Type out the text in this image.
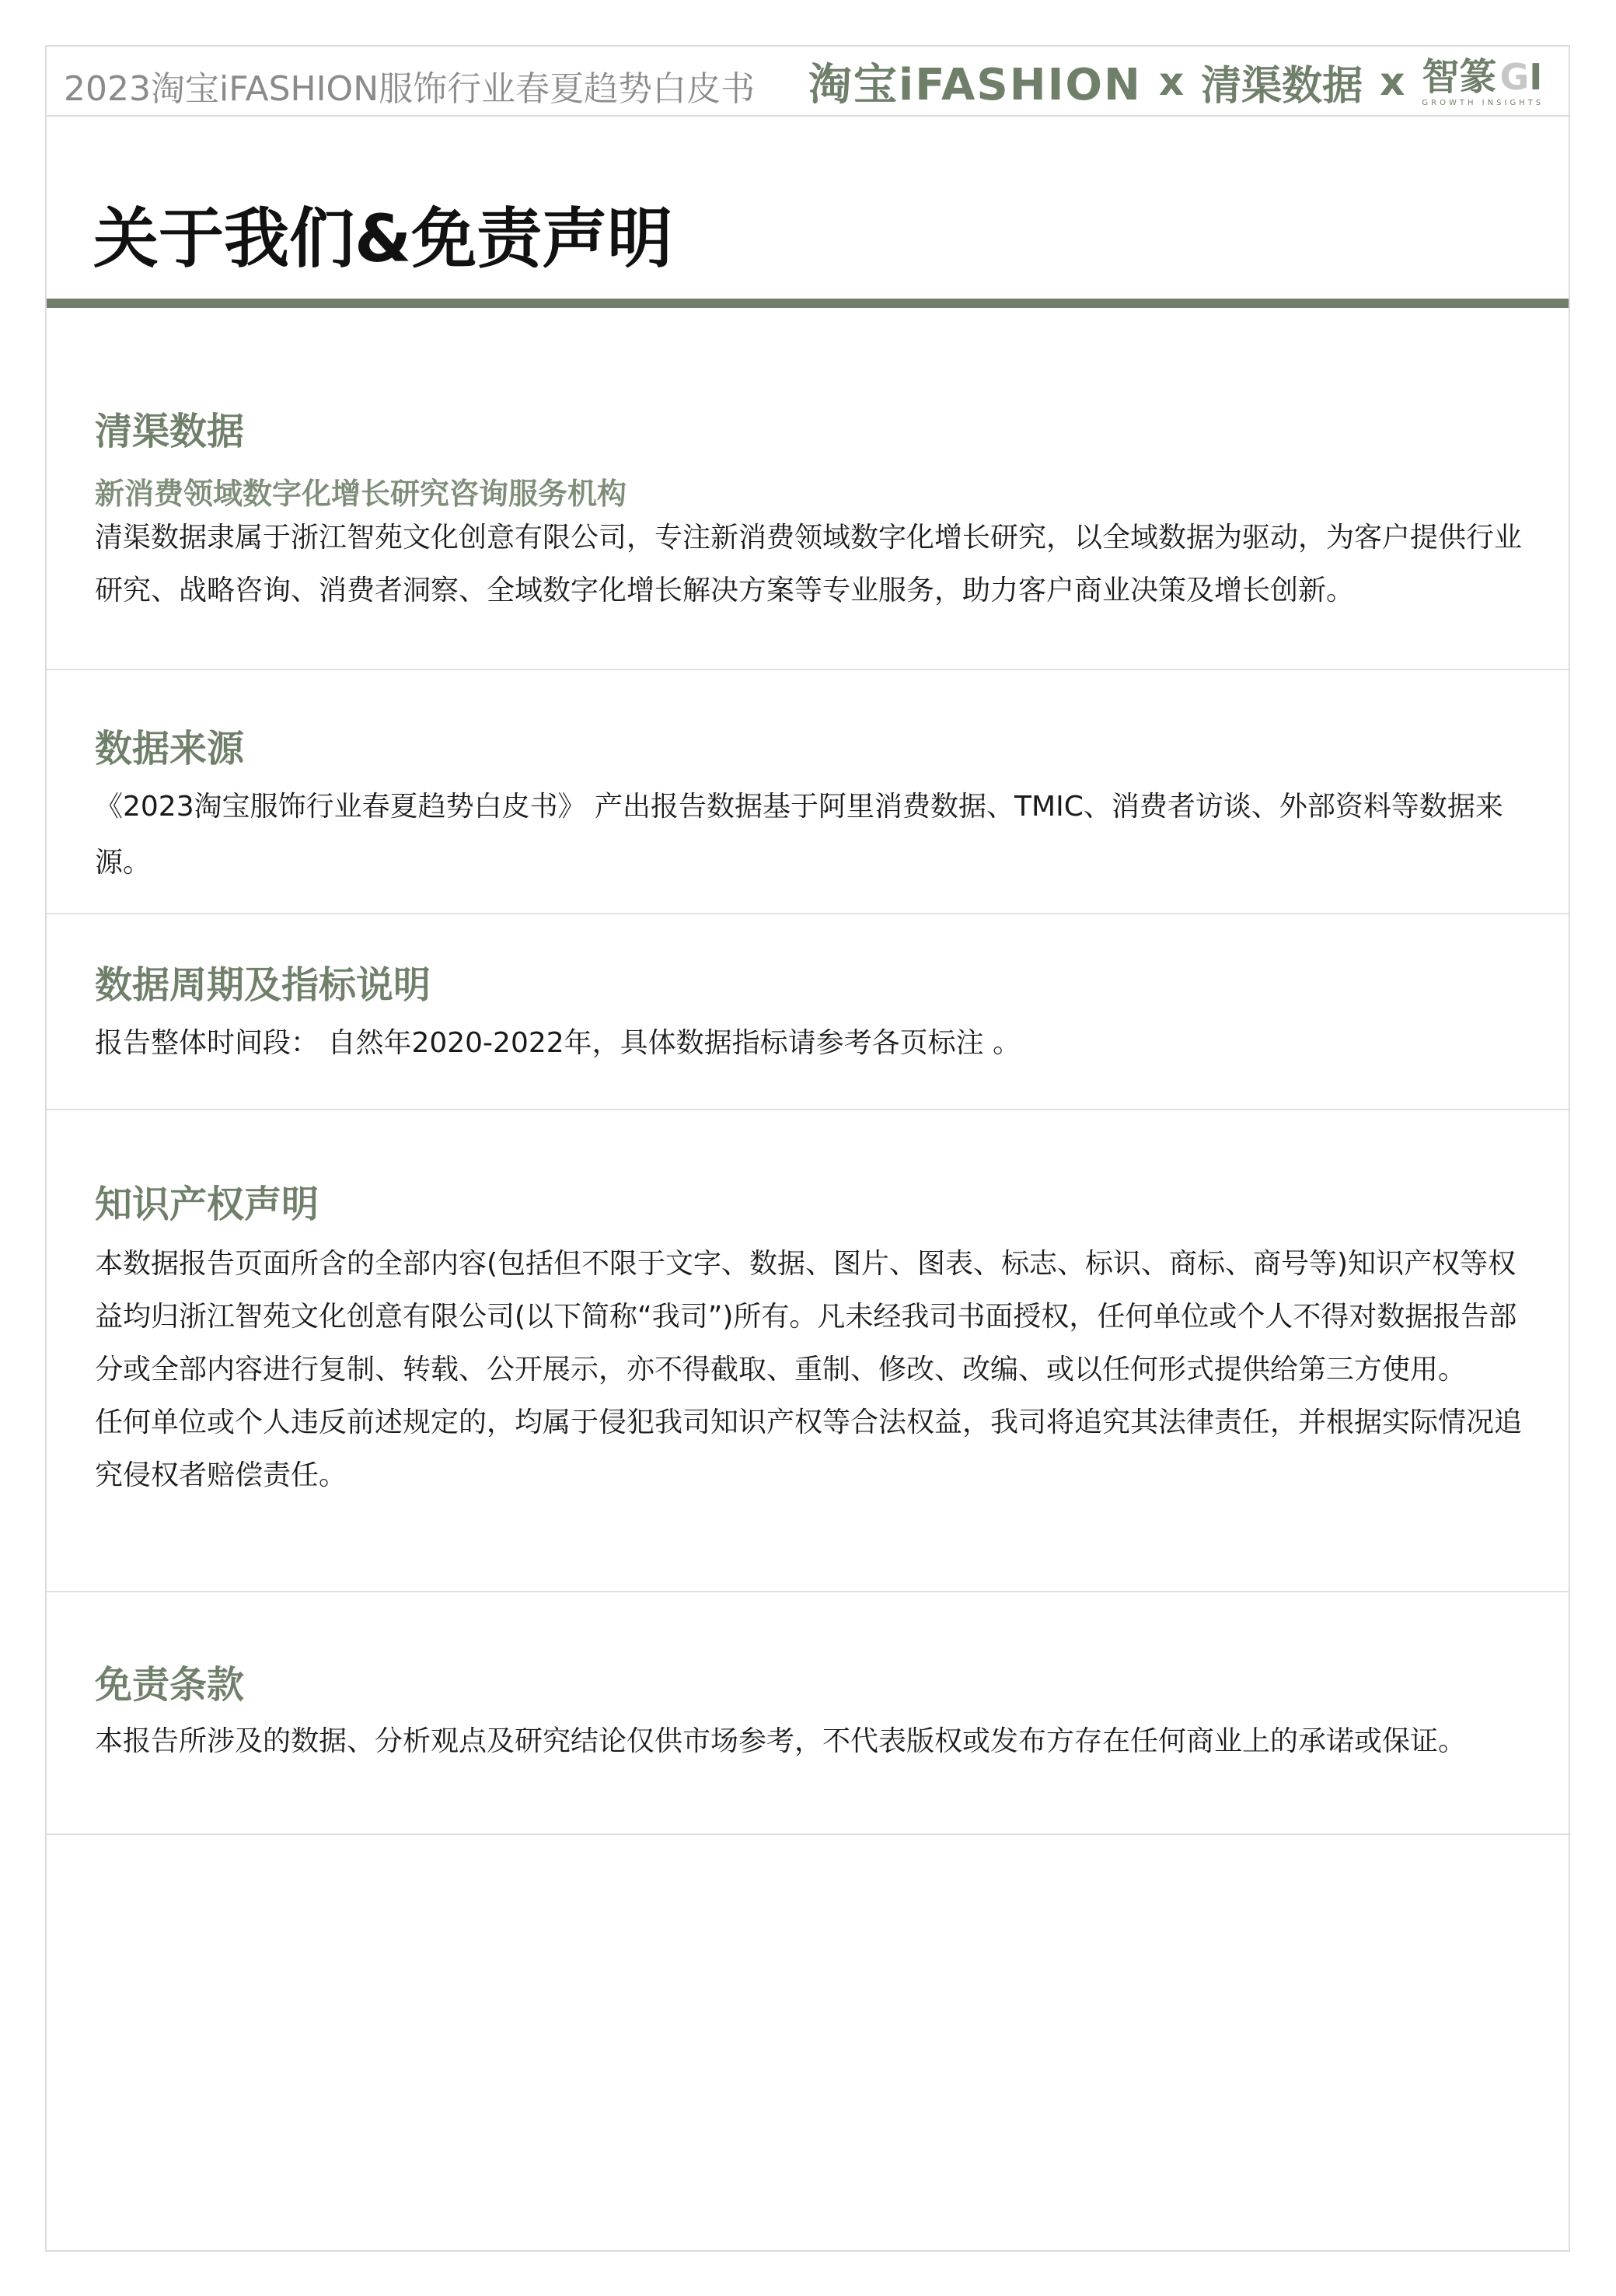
2023淘宝iFASHION服饰行业春夏趋势白皮书 淘宝iFASHION x 清渠数据 x 智篆 GI
GROWTH INSIGHTS
关于我们&免责声明
清渠数据
新消费领域数字化增长研究咨询服务机构

清渠数据隶属于浙江智苑文化创意有限公司，专注新消费领域数字化增长研究，以全域数据为驱动，为客户提供行业研究、战略咨询、消费者洞察、全域数字化增长解决方案等专业服务，助力客户商业决策及增长创新。

数据来源

《2023淘宝服饰行业春夏趋势白皮书》 产出报告数据基于阿里消费数据、TMIC、消费者访谈、外部资料等数据来源。

数据周期及指标说明

报告整体时间段： 自然年2020-2022年，具体数据指标请参考各页标注 。

知识产权声明

本数据报告页面所含的全部内容(包括但不限于文字、数据、图片、图表、标志、标识、商标、商号等)知识产权等权益均归浙江智苑文化创意有限公司(以下简称“我司”)所有。凡未经我司书面授权，任何单位或个人不得对数据报告部分或全部内容进行复制、转载、公开展示，亦不得截取、重制、修改、改编、或以任何形式提供给第三方使用。

任何单位或个人违反前述规定的，均属于侵犯我司知识产权等合法权益，我司将追究其法律责任，并根据实际情况追究侵权者赔偿责任。

免责条款

本报告所涉及的数据、分析观点及研究结论仅供市场参考，不代表版权或发布方存在任何商业上的承诺或保证。
